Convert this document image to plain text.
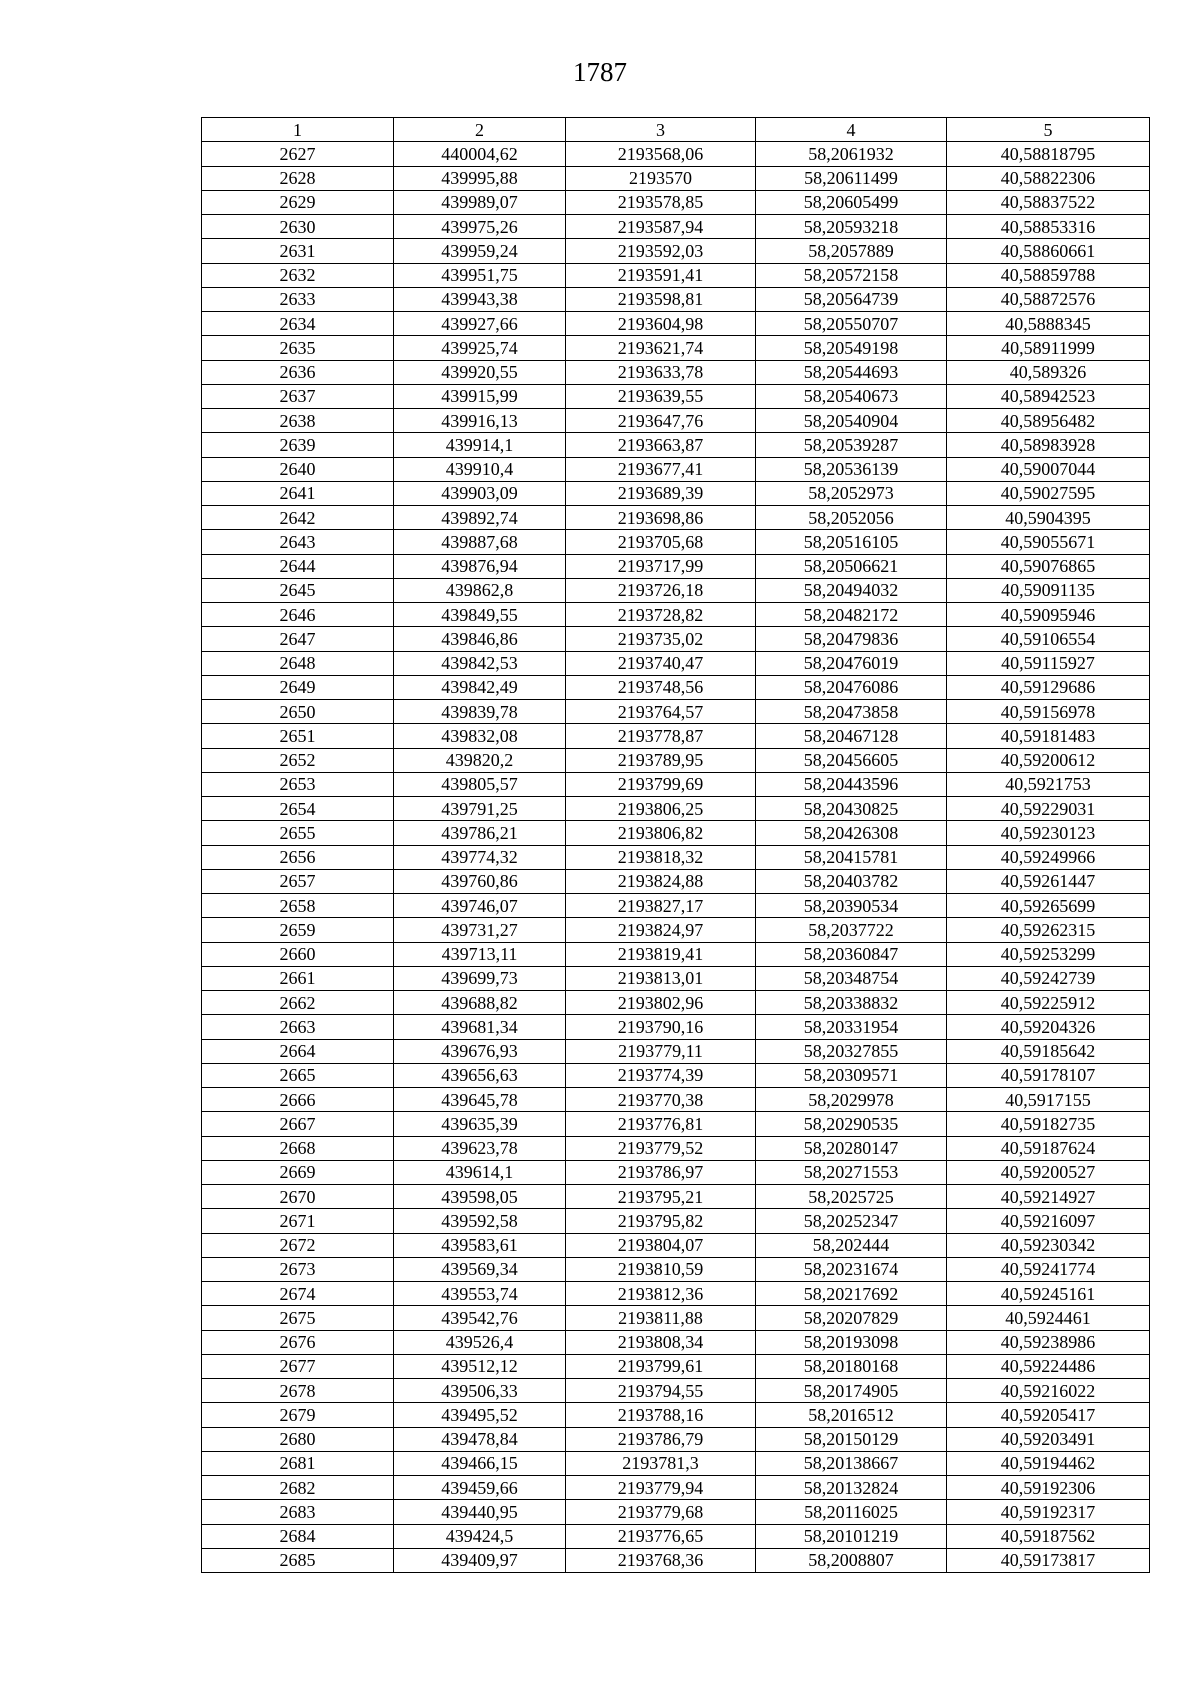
1787
1	2	3	4	5
2627	440004,62	2193568,06	58,2061932	40,58818795
2628	439995,88	2193570	58,20611499	40,58822306
2629	439989,07	2193578,85	58,20605499	40,58837522
2630	439975,26	2193587,94	58,20593218	40,58853316
2631	439959,24	2193592,03	58,2057889	40,58860661
2632	439951,75	2193591,41	58,20572158	40,58859788
2633	439943,38	2193598,81	58,20564739	40,58872576
2634	439927,66	2193604,98	58,20550707	40,5888345
2635	439925,74	2193621,74	58,20549198	40,58911999
2636	439920,55	2193633,78	58,20544693	40,589326
2637	439915,99	2193639,55	58,20540673	40,58942523
2638	439916,13	2193647,76	58,20540904	40,58956482
2639	439914,1	2193663,87	58,20539287	40,58983928
2640	439910,4	2193677,41	58,20536139	40,59007044
2641	439903,09	2193689,39	58,2052973	40,59027595
2642	439892,74	2193698,86	58,2052056	40,5904395
2643	439887,68	2193705,68	58,20516105	40,59055671
2644	439876,94	2193717,99	58,20506621	40,59076865
2645	439862,8	2193726,18	58,20494032	40,59091135
2646	439849,55	2193728,82	58,20482172	40,59095946
2647	439846,86	2193735,02	58,20479836	40,59106554
2648	439842,53	2193740,47	58,20476019	40,59115927
2649	439842,49	2193748,56	58,20476086	40,59129686
2650	439839,78	2193764,57	58,20473858	40,59156978
2651	439832,08	2193778,87	58,20467128	40,59181483
2652	439820,2	2193789,95	58,20456605	40,59200612
2653	439805,57	2193799,69	58,20443596	40,5921753
2654	439791,25	2193806,25	58,20430825	40,59229031
2655	439786,21	2193806,82	58,20426308	40,59230123
2656	439774,32	2193818,32	58,20415781	40,59249966
2657	439760,86	2193824,88	58,20403782	40,59261447
2658	439746,07	2193827,17	58,20390534	40,59265699
2659	439731,27	2193824,97	58,2037722	40,59262315
2660	439713,11	2193819,41	58,20360847	40,59253299
2661	439699,73	2193813,01	58,20348754	40,59242739
2662	439688,82	2193802,96	58,20338832	40,59225912
2663	439681,34	2193790,16	58,20331954	40,59204326
2664	439676,93	2193779,11	58,20327855	40,59185642
2665	439656,63	2193774,39	58,20309571	40,59178107
2666	439645,78	2193770,38	58,2029978	40,5917155
2667	439635,39	2193776,81	58,20290535	40,59182735
2668	439623,78	2193779,52	58,20280147	40,59187624
2669	439614,1	2193786,97	58,20271553	40,59200527
2670	439598,05	2193795,21	58,2025725	40,59214927
2671	439592,58	2193795,82	58,20252347	40,59216097
2672	439583,61	2193804,07	58,202444	40,59230342
2673	439569,34	2193810,59	58,20231674	40,59241774
2674	439553,74	2193812,36	58,20217692	40,59245161
2675	439542,76	2193811,88	58,20207829	40,5924461
2676	439526,4	2193808,34	58,20193098	40,59238986
2677	439512,12	2193799,61	58,20180168	40,59224486
2678	439506,33	2193794,55	58,20174905	40,59216022
2679	439495,52	2193788,16	58,2016512	40,59205417
2680	439478,84	2193786,79	58,20150129	40,59203491
2681	439466,15	2193781,3	58,20138667	40,59194462
2682	439459,66	2193779,94	58,20132824	40,59192306
2683	439440,95	2193779,68	58,20116025	40,59192317
2684	439424,5	2193776,65	58,20101219	40,59187562
2685	439409,97	2193768,36	58,2008807	40,59173817
